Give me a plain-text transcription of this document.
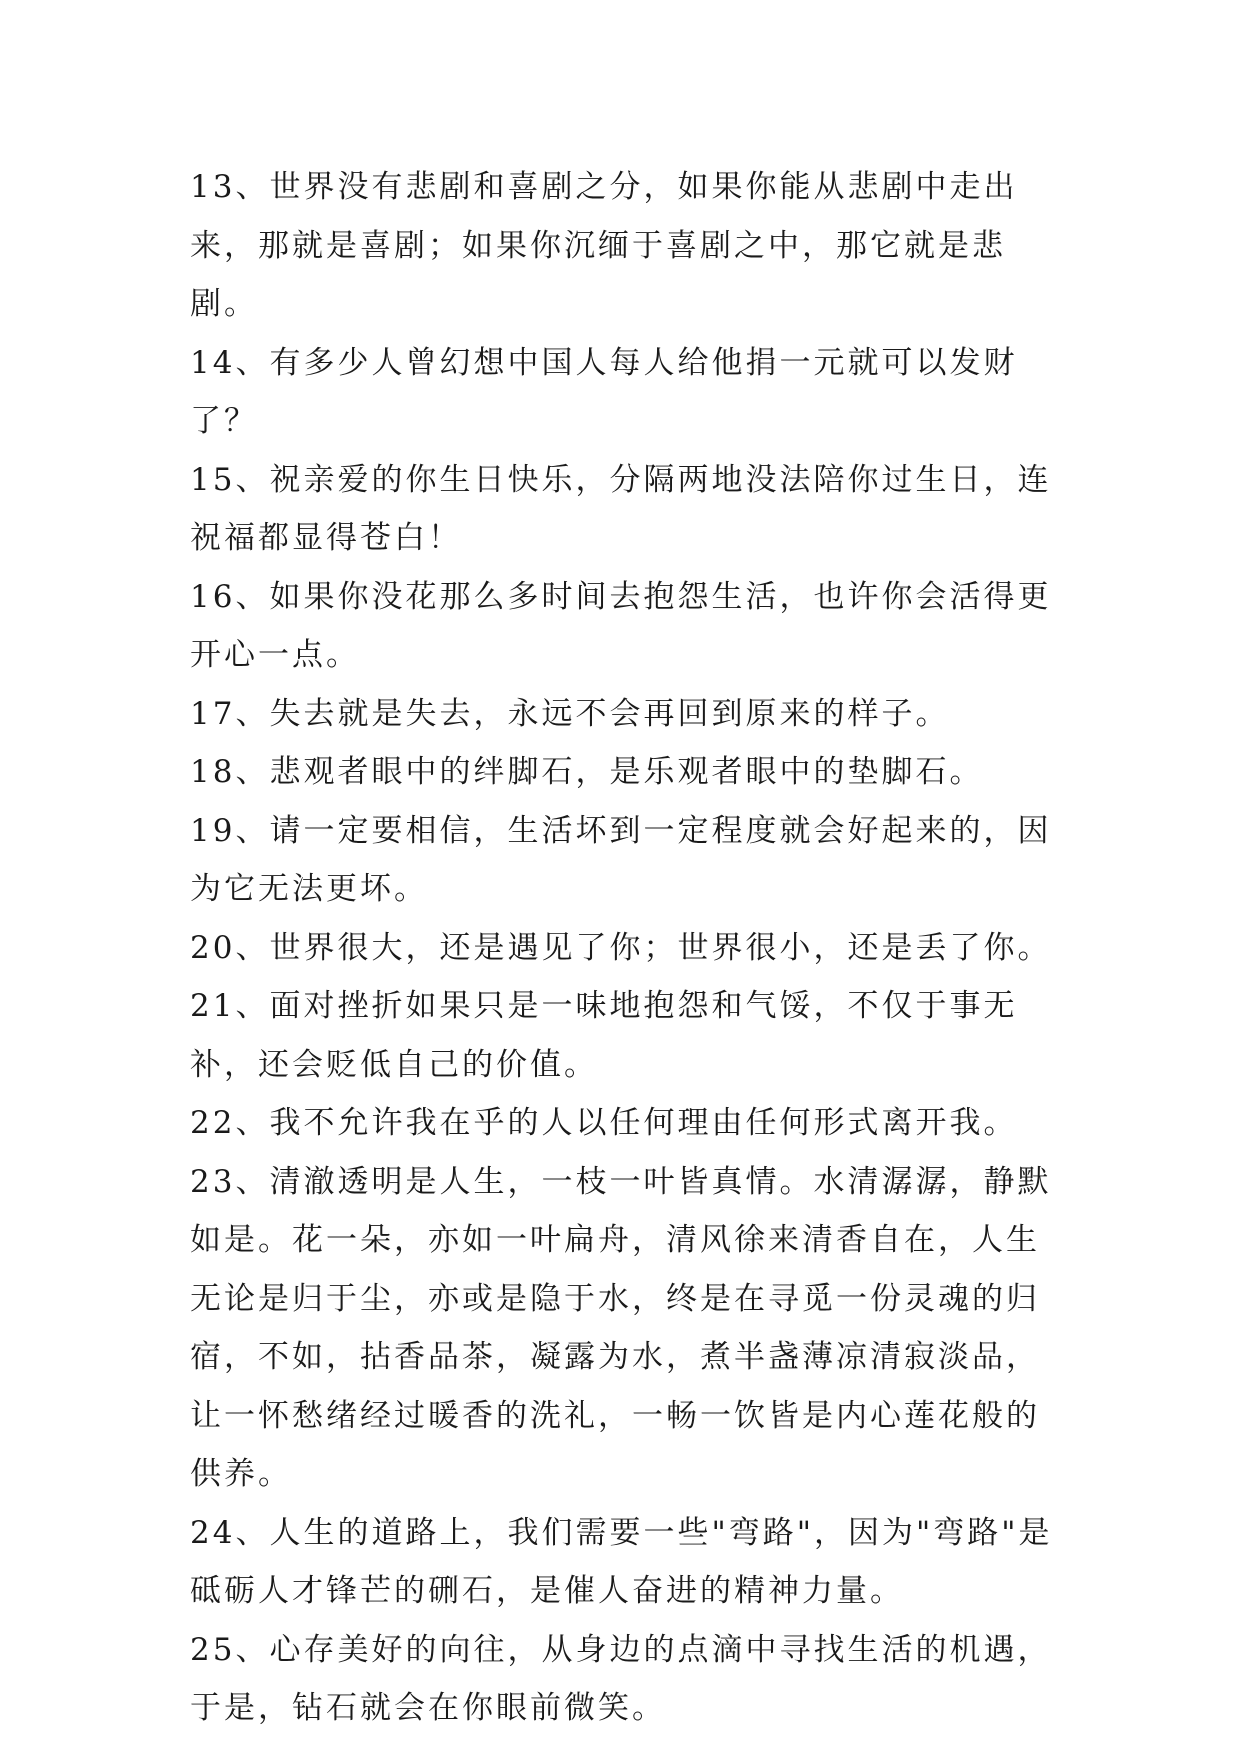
13、世界没有悲剧和喜剧之分，如果你能从悲剧中走出来，那就是喜剧；如果你沉缅于喜剧之中，那它就是悲剧。

14、有多少人曾幻想中国人每人给他捐一元就可以发财了？

15、祝亲爱的你生日快乐，分隔两地没法陪你过生日，连祝福都显得苍白！

16、如果你没花那么多时间去抱怨生活，也许你会活得更开心一点。

17、失去就是失去，永远不会再回到原来的样子。

18、悲观者眼中的绊脚石，是乐观者眼中的垫脚石。

19、请一定要相信，生活坏到一定程度就会好起来的，因为它无法更坏。

20、世界很大，还是遇见了你；世界很小，还是丢了你。

21、面对挫折如果只是一味地抱怨和气馁，不仅于事无补，还会贬低自己的价值。

22、我不允许我在乎的人以任何理由任何形式离开我。

23、清澈透明是人生，一枝一叶皆真情。水清潺潺，静默如是。花一朵，亦如一叶扁舟，清风徐来清香自在，人生无论是归于尘，亦或是隐于水，终是在寻觅一份灵魂的归宿，不如，拈香品茶，凝露为水，煮半盏薄凉清寂淡品，让一怀愁绪经过暖香的洗礼，一畅一饮皆是内心莲花般的供养。

24、人生的道路上，我们需要一些"弯路"，因为"弯路"是砥砺人才锋芒的硎石，是催人奋进的精神力量。

25、心存美好的向往，从身边的点滴中寻找生活的机遇，于是，钻石就会在你眼前微笑。
